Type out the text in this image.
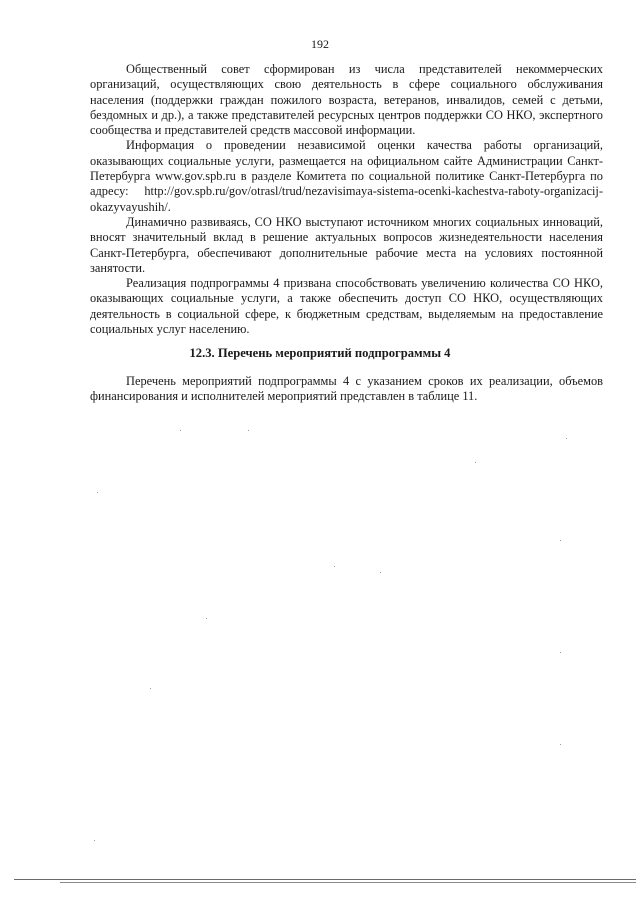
192

Общественный совет сформирован из числа представителей некоммерческих организаций, осуществляющих свою деятельность в сфере социального обслуживания населения (поддержки граждан пожилого возраста, ветеранов, инвалидов, семей с детьми, бездомных и др.), а также представителей ресурсных центров поддержки СО НКО, экспертного сообщества и представителей средств массовой информации.

Информация о проведении независимой оценки качества работы организаций, оказывающих социальные услуги, размещается на официальном сайте Администрации Санкт-Петербурга www.gov.spb.ru в разделе Комитета по социальной политике Санкт-Петербурга по адресу: http://gov.spb.ru/gov/otrasl/trud/nezavisimaya-sistema-ocenki-kachestva-raboty-organizacij-okazyvayushih/.

Динамично развиваясь, СО НКО выступают источником многих социальных инноваций, вносят значительный вклад в решение актуальных вопросов жизнедеятельности населения Санкт-Петербурга, обеспечивают дополнительные рабочие места на условиях постоянной занятости.

Реализация подпрограммы 4 призвана способствовать увеличению количества СО НКО, оказывающих социальные услуги, а также обеспечить доступ СО НКО, осуществляющих деятельность в социальной сфере, к бюджетным средствам, выделяемым на предоставление социальных услуг населению.

12.3. Перечень мероприятий подпрограммы 4

Перечень мероприятий подпрограммы 4 с указанием сроков их реализации, объемов финансирования и исполнителей мероприятий представлен в таблице 11.
